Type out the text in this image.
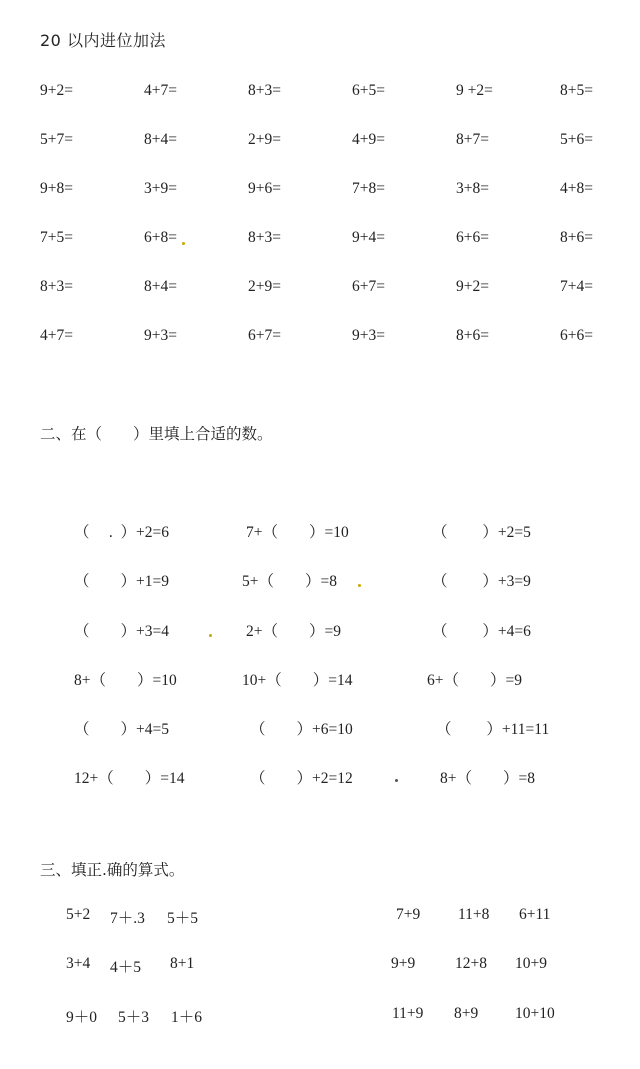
20 以内进位加法
9+2=	4+7=	8+3=	6+5=	9 +2=	8+5=
5+7=	8+4=	2+9=	4+9=	8+7=	5+6=
9+8=	3+9=	9+6=	7+8=	3+8=	4+8=
7+5=	6+8=	8+3=	9+4=	6+6=	8+6=
8+3=	8+4=	2+9=	6+7=	9+2=	7+4=
4+7=	9+3=	6+7=	9+3=	8+6=	6+6=
二、在（　　）里填上合适的数。
（　 .  ）+2=6	7+（　　）=10	（　　 ）+2=5
（　　）+1=9	5+（　　）=8	（　　 ）+3=9
（　　）+3=4	2+（　　）=9	（　　 ）+4=6
8+（　　）=10	10+（　　）=14	6+（　　）=9
（　　）+4=5	（　　）+6=10	（　　 ）+11=11
12+（　　）=14	（　　）+2=12	8+（　　）=8
三、填正.确的算式。
5+2 7＋.3 5＋5	7+9 11+8 6+11
3+4 4＋5 8+1	9+9	12+8 10+9
9＋0 5＋3 1＋6	11+9 8+9 10+10
